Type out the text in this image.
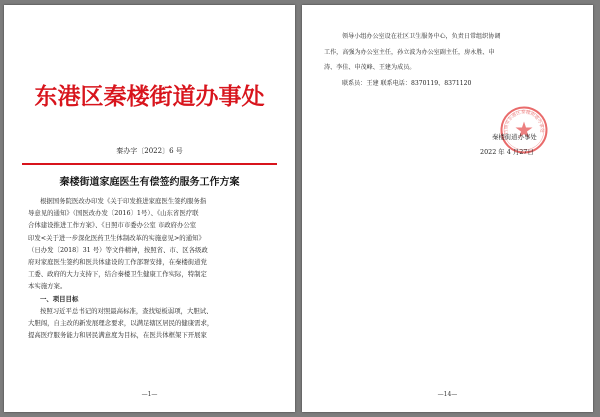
东港区秦楼街道办事处
秦办字〔2022〕6 号
秦楼街道家庭医生有偿签约服务工作方案

根据国务院医改办印发《关于印发推进家庭医生签约服务指

导意见的通知》（国医改办发〔2016〕1号）、《山东省医疗联

合体建设推进工作方案》、《日照市市委办公室 市政府办公室

印发<关于进一步深化医药卫生体制改革的实施意见>的通知》

（日办发〔2018〕31 号）等文件精神，按照省、市、区各级政

府对家庭医生签约和医共体建设的工作部署安排，在秦楼街道党

工委、政府的大力支持下，结合秦楼卫生健康工作实际，特制定

本实施方案。

一、项目目标

按照习近平总书记的对照最高标准，查找短板弱项，大胆试、

大胆闯，自主改的新发展理念要求，以满足辖区居民的健康需求，

提高医疗服务能力和居民满意度为目标，在医共体框架下开展家

—1—

领导小组办公室设在社区卫生服务中心，负责日常组织协调

工作，高强为办公室主任，孙立波为办公室副主任，房永胜、申

涛、李佳、申茂峰、王建为成员。

联系员：王建 联系电话：8370119、8371120

日照市东港区秦楼街道办事处
秦楼街道办事处
2022 年 4 月27日
—14—
